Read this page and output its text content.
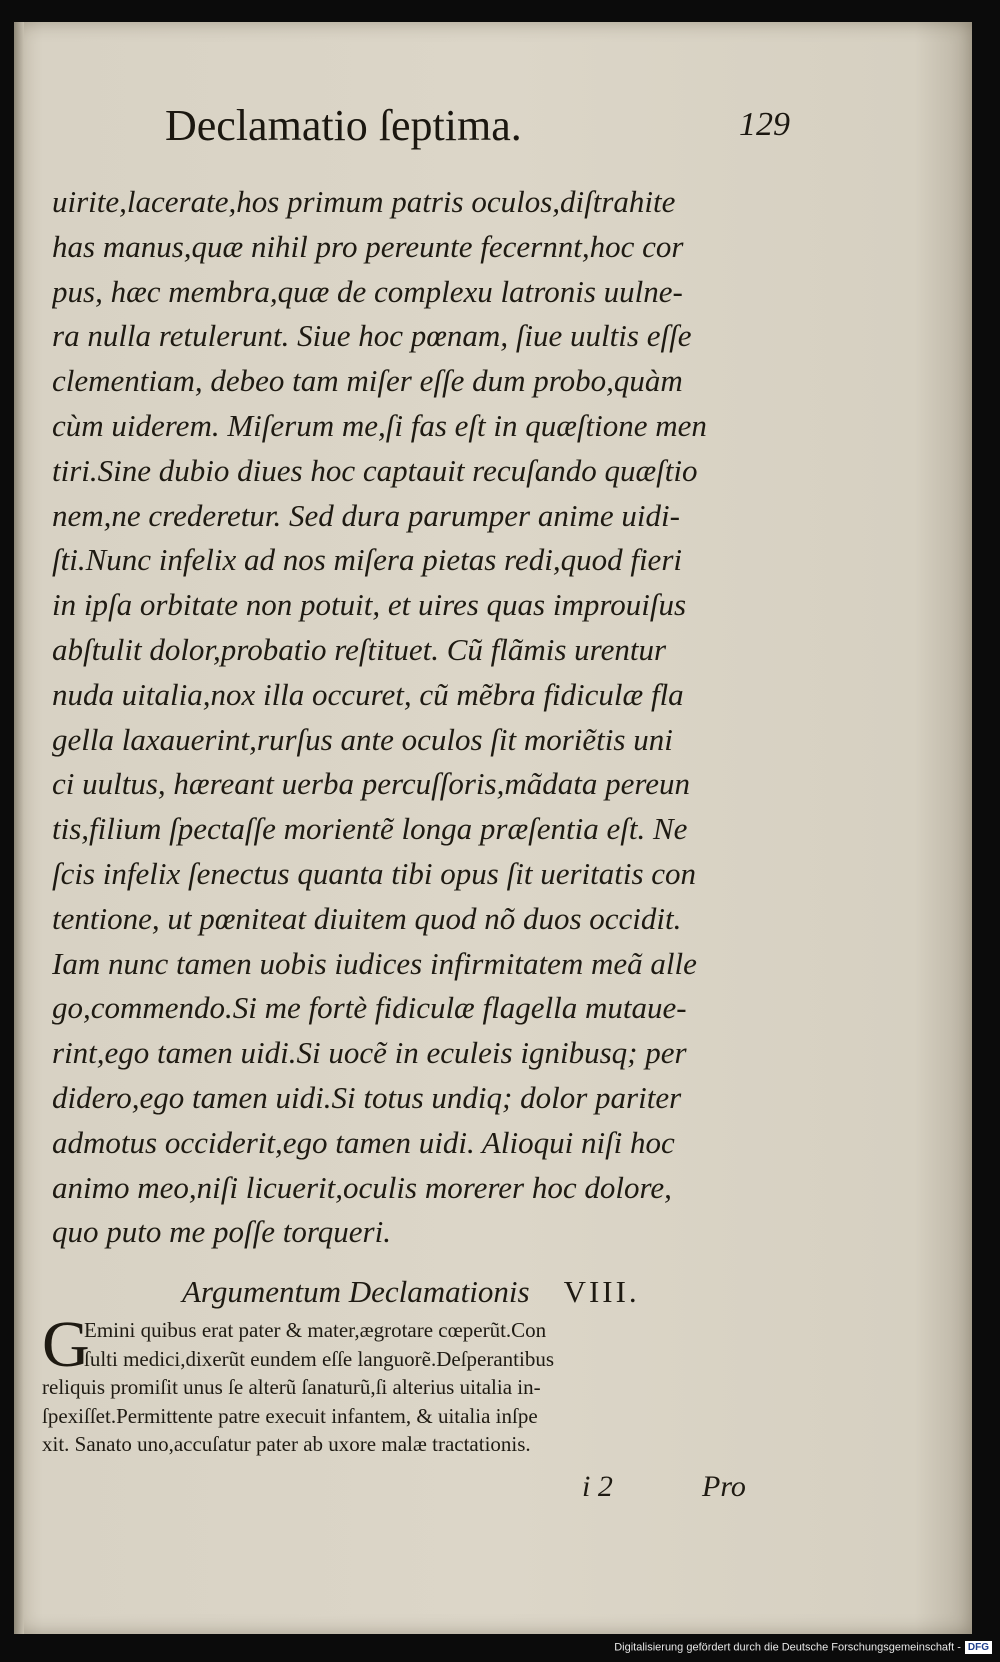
Declamatio ſeptima.	129
uirite,lacerate,hos primum patris oculos,diſtrahite
has manus,quæ nihil pro pereunte fecernnt,hoc cor
pus, hæc membra,quæ de complexu latronis uulne-
ra nulla retulerunt. Siue hoc pœnam, ſiue uultis eſſe
clementiam, debeo tam miſer eſſe dum probo,quàm
cùm uiderem. Miſerum me,ſi fas eſt in quæſtione men
tiri.Sine dubio diues hoc captauit recuſando quæſtio
nem,ne crederetur. Sed dura parumper anime uidi-
ſti.Nunc infelix ad nos miſera pietas redi,quod fieri
in ipſa orbitate non potuit, et uires quas improuiſus
abſtulit dolor,probatio reſtituet. Cũ flãmis urentur
nuda uitalia,nox illa occuret, cũ mẽbra fidiculæ fla
gella laxauerint,rurſus ante oculos ſit moriẽtis uni
ci uultus, hæreant uerba percuſſoris,mãdata pereun
tis,filium ſpectaſſe morientẽ longa præſentia eſt. Ne
ſcis infelix ſenectus quanta tibi opus ſit ueritatis con
tentione, ut pœniteat diuitem quod nõ duos occidit.
Iam nunc tamen uobis iudices infirmitatem meã alle
go,commendo.Si me fortè fidiculæ flagella mutaue-
rint,ego tamen uidi.Si uocẽ in eculeis ignibusq; per
didero,ego tamen uidi.Si totus undiq; dolor pariter
admotus occiderit,ego tamen uidi. Alioqui niſi hoc
animo meo,niſi licuerit,oculis morerer hoc dolore,
quo puto me poſſe torqueri.
Argumentum Declamationis VIII.
G
Emini quibus erat pater & mater,ægrotare cœperũt.Con
ſulti medici,dixerũt eundem eſſe languorẽ.Deſperantibus
reliquis promiſit unus ſe alterũ ſanaturũ,ſi alterius uitalia in-
ſpexiſſet.Permittente patre execuit infantem, & uitalia inſpe
xit. Sanato uno,accuſatur pater ab uxore malæ tractationis.
i 2	Pro
Digitalisierung gefördert durch die Deutsche Forschungsgemeinschaft - DFG
